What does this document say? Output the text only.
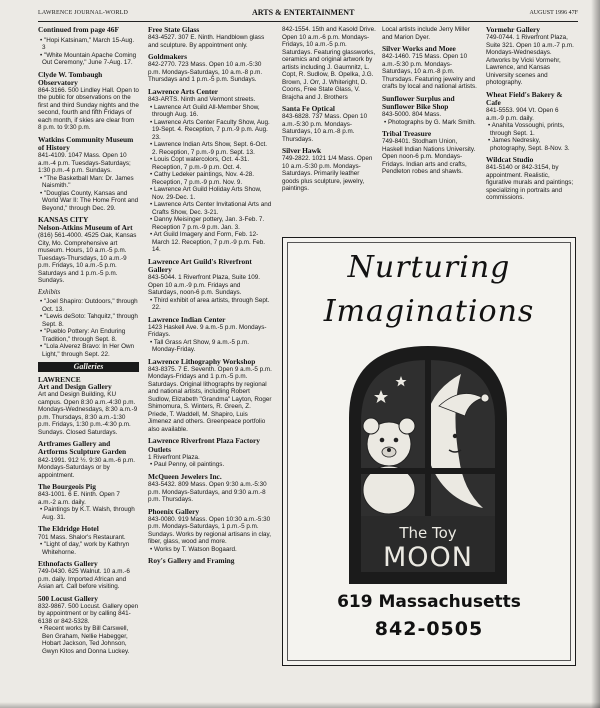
LAWRENCE JOURNAL-WORLD	ARTS & ENTERTAINMENT	AUGUST 1996 47F
Continued from page 46F
• "Hopi Katsinam," March 15-Aug. 3
• "White Mountain Apache Coming Out Ceremony," June 7-Aug. 17.
Clyde W. Tombaugh Observatory
864-3166. 500 Lindley Hall. Open to the public for observations on the first and third Sunday nights and the second, fourth and fifth Fridays of each month, if skies are clear from 8 p.m. to 9:30 p.m.
Watkins Community Museum of History
841-4109. 1047 Mass. Open 10 a.m.-4 p.m. Tuesdays-Saturdays; 1:30 p.m.-4 p.m. Sundays.
• "The Basketball Man: Dr. James Naismith."
• "Douglas County, Kansas and World War II: The Home Front and Beyond," through Dec. 29.
KANSAS CITY
Nelson-Atkins Museum of Art
(816) 561-4000. 4525 Oak, Kansas City, Mo. Comprehensive art museum. Hours, 10 a.m.-5 p.m. Tuesdays-Thursdays, 10 a.m.-9 p.m. Fridays, 10 a.m.-5 p.m. Saturdays and 1 p.m.-5 p.m. Sundays.
Exhibits
• "Joel Shapiro: Outdoors," through Oct. 13.
• "Lewis deSoto: Tahquitz," through Sept. 8.
• "Pueblo Pottery: An Enduring Tradition," through Sept. 8.
• "Lola Alverez Bravo: In Her Own Light," through Sept. 22.
Galleries
LAWRENCE
Art and Design Gallery
Art and Design Building, KU campus. Open 8:30 a.m.-4:30 p.m. Mondays-Wednesdays, 8:30 a.m.-9 p.m. Thursdays, 8:30 a.m.-1:30 p.m. Fridays, 1:30 p.m.-4:30 p.m. Sundays. Closed Saturdays.
Artframes Gallery and Artforms Sculpture Garden
842-1991. 912 ½. 9:30 a.m.-6 p.m. Mondays-Saturdays or by appointment.
The Bourgeois Pig
843-1001. 6 E. Ninth. Open 7 a.m.-2 a.m. daily.
• Paintings by K.T. Walsh, through Aug. 31.
The Eldridge Hotel
701 Mass. Shalor's Restaurant.
• "Light of day," work by Kathryn Whitehorne.
Ethnofacts Gallery
749-0430. 625 Walnut. 10 a.m.-6 p.m. daily. Imported African and Asian art. Call before visiting.
500 Locust Gallery
832-9867. 500 Locust. Gallery open by appointment or by calling 841-6138 or 842-5328.
• Recent works by Bill Carswell, Ben Graham, Nellie Habegger, Hobart Jackson, Ted Johnson, Gwyn Kitos and Donna Luckey.
Free State Glass
843-4527. 307 E. Ninth. Handblown glass and sculpture. By appointment only.
Goldmakers
842-2770. 723 Mass. Open 10 a.m.-5:30 p.m. Mondays-Saturdays, 10 a.m.-8 p.m. Thursdays and 1 p.m.-5 p.m. Sundays.
Lawrence Arts Center
843-ARTS. Ninth and Vermont streets.
• Lawrence Art Guild All-Member Show, through Aug. 16.
• Lawrence Arts Center Faculty Show, Aug. 19-Sept. 4. Reception, 7 p.m.-9 p.m. Aug. 23.
• Lawrence Indian Arts Show, Sept. 6-Oct. 2. Reception, 7 p.m.-9 p.m. Sept. 13.
• Louis Copt watercolors, Oct. 4-31. Reception, 7 p.m.-9 p.m. Oct. 4.
• Cathy Ledeker paintings, Nov. 4-28. Reception, 7 p.m.-9 p.m. Nov. 9.
• Lawrence Art Guild Holiday Arts Show, Nov. 29-Dec. 1.
• Lawrence Arts Center Invitational Arts and Crafts Show, Dec. 3-21.
• Danny Meisinger pottery, Jan. 3-Feb. 7. Reception 7 p.m.-9 p.m. Jan. 3.
• Art Guild Imagery and Form, Feb. 12-March 12. Reception, 7 p.m.-9 p.m. Feb. 14.
Lawrence Art Guild's Riverfront Gallery
843-5044. 1 Riverfront Plaza, Suite 109. Open 10 a.m.-9 p.m. Fridays and Saturdays, noon-6 p.m. Sundays.
• Third exhibit of area artists, through Sept. 22.
Lawrence Indian Center
1423 Haskell Ave. 9 a.m.-5 p.m. Mondays-Fridays.
• Tall Grass Art Show, 9 a.m.-5 p.m. Monday-Friday.
Lawrence Lithography Workshop
843-8375. 7 E. Seventh. Open 9 a.m.-5 p.m. Mondays-Fridays and 1 p.m.-5 p.m. Saturdays. Original lithographs by regional and national artists, including Robert Sudlow, Elizabeth "Grandma" Layton, Roger Shimomura, S. Winters, R. Green, Z. Priede, T. Waddell, M. Shapiro, Luis Jimenez and others. Greenpeace portfolio also available.
Lawrence Riverfront Plaza Factory Outlets
1 Riverfront Plaza.
• Paul Penny, oil paintings.
McQueen Jewelers Inc.
843-5432. 809 Mass. Open 9:30 a.m.-5:30 p.m. Mondays-Saturdays, and 9:30 a.m.-8 p.m. Thursdays.
Phoenix Gallery
843-0080. 919 Mass. Open 10:30 a.m.-5:30 p.m. Mondays-Saturdays, 1 p.m.-5 p.m. Sundays. Works by regional artisans in clay, fiber, glass, wood and more.
• Works by T. Watson Bogaard.
Roy's Gallery and Framing
842-1554. 15th and Kasold Drive. Open 10 a.m.-6 p.m. Mondays-Fridays, 10 a.m.-5 p.m. Saturdays. Featuring glassworks, ceramics and original artwork by artists including J. Gaumnitz, L. Copt, R. Sudlow, B. Opelka, J.G. Brown, J. Orr, J. Whiteright, D. Coons, Free State Glass, V. Brajcha and J. Brothers
Santa Fe Optical
843-6828. 737 Mass. Open 10 a.m.-5:30 p.m. Mondays-Saturdays, 10 a.m.-8 p.m. Thursdays.
Silver Hawk
749-2822. 1021 1/4 Mass. Open 10 a.m.-5:30 p.m. Mondays-Saturdays. Primarily leather goods plus sculpture, jewelry, paintings.
Local artists include Jerry Miller and Marion Dyer.
Silver Works and Moee
842-1460. 715 Mass. Open 10 a.m.-5:30 p.m. Mondays-Saturdays, 10 a.m.-8 p.m. Thursdays. Featuring jewelry and crafts by local and national artists.
Sunflower Surplus and Sunflower Bike Shop
843-5000. 804 Mass.
• Photographs by G. Mark Smith.
Tribal Treasure
749-8401. Stodham Union, Haskell Indian Nations University. Open noon-6 p.m. Mondays-Fridays. Indian arts and crafts, Pendleton robes and shawls.
Vormehr Gallery
749-0744. 1 Riverfront Plaza, Suite 321. Open 10 a.m.-7 p.m. Mondays-Wednesdays. Artworks by Vicki Vormehr, Lawrence, and Kansas University scenes and photography.
Wheat Field's Bakery & Cafe
841-5553. 904 Vt. Open 6 a.m.-9 p.m. daily.
• Anahita Vossoughi, prints, through Sept. 1.
• James Nedresky, photography, Sept. 8-Nov. 3.
Wildcat Studio
841-5140 or 842-3154, by appointment. Realistic, figurative murals and paintings; specializing in portraits and commissions.
Nurturing
Imaginations
The Toy
MOON
619 Massachusetts
842-0505
